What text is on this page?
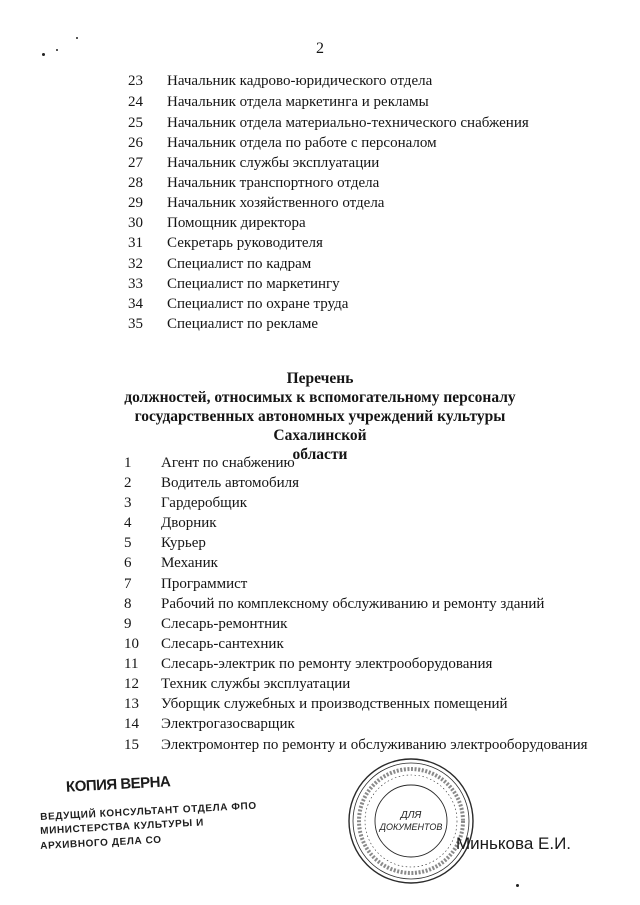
2
23 Начальник кадрово-юридического отдела
24 Начальник отдела маркетинга и рекламы
25 Начальник отдела материально-технического снабжения
26 Начальник отдела по работе с персоналом
27 Начальник службы эксплуатации
28 Начальник транспортного отдела
29 Начальник хозяйственного отдела
30 Помощник директора
31 Секретарь руководителя
32 Специалист по кадрам
33 Специалист по маркетингу
34 Специалист по охране труда
35 Специалист по рекламе
Перечень
должностей, относимых к вспомогательному персоналу
государственных автономных учреждений культуры Сахалинской
области
1 Агент по снабжению
2 Водитель автомобиля
3 Гардеробщик
4 Дворник
5 Курьер
6 Механик
7 Программист
8 Рабочий по комплексному обслуживанию и ремонту зданий
9 Слесарь-ремонтник
10 Слесарь-сантехник
11 Слесарь-электрик по ремонту электрооборудования
12 Техник службы эксплуатации
13 Уборщик служебных и производственных помещений
14 Электрогазосварщик
15 Электромонтер по ремонту и обслуживанию электрооборудования
КОПИЯ ВЕРНА
ВЕДУЩИЙ КОНСУЛЬТАНТ ОТДЕЛА ФПО
МИНИСТЕРСТВА КУЛЬТУРЫ И
АРХИВНОГО ДЕЛА СО
ДЛЯ
ДОКУМЕНТОВ
Минькова Е.И.
